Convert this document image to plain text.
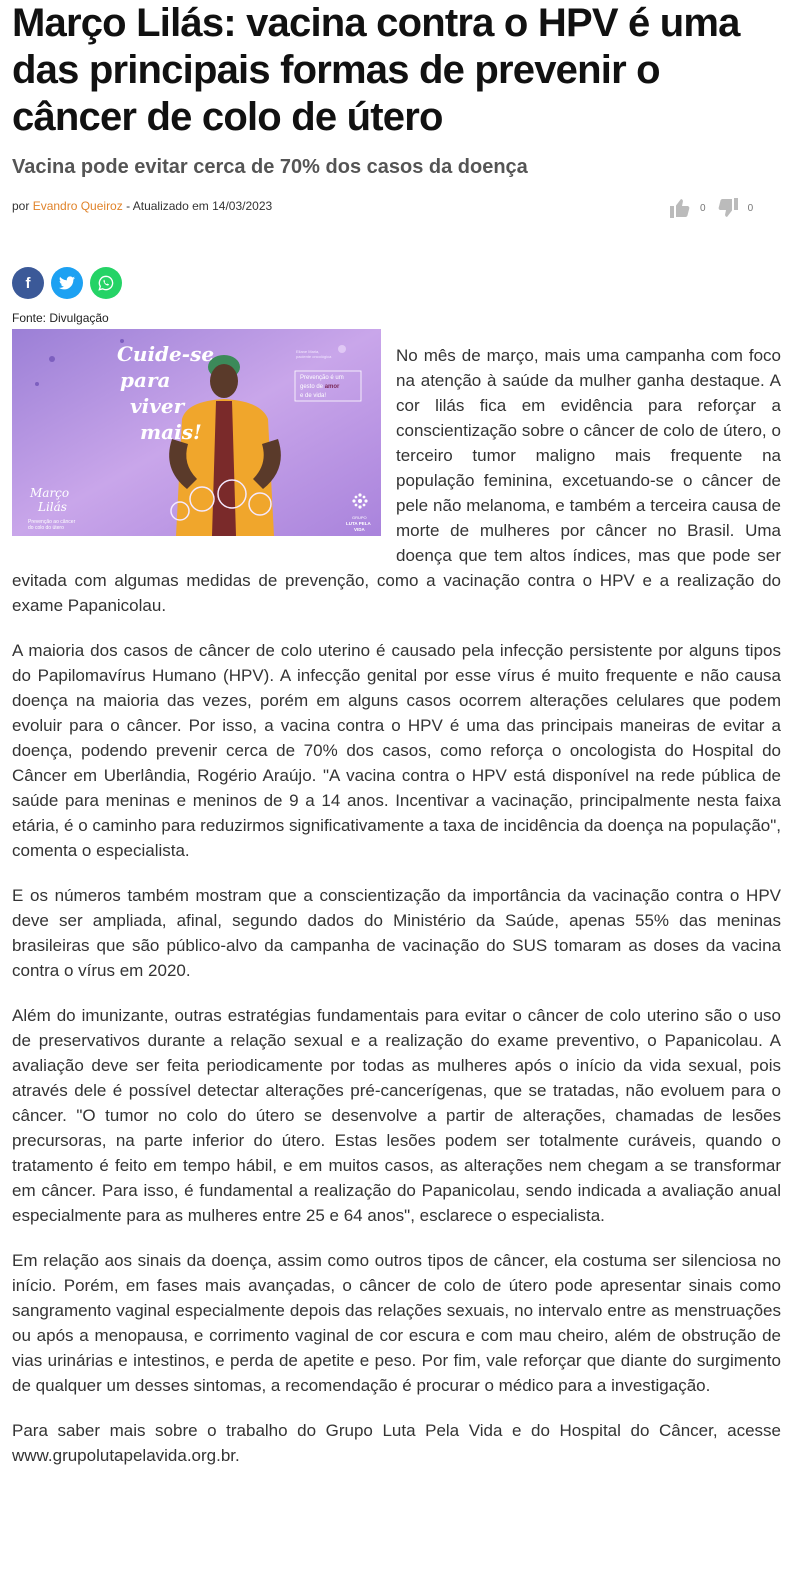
Março Lilás: vacina contra o HPV é uma das principais formas de prevenir o câncer de colo de útero

Vacina pode evitar cerca de 70% dos casos da doença

por Evandro Queiroz - Atualizado em 14/03/2023	0	0
f
Fonte: Divulgação
Cuide-se
para
viver
mais!
Prevenção é um
gesto de amor
e de vida!
Eliane Maria,
paciente oncológica
Março
Lilás
Prevenção ao câncer
do colo do útero
GRUPO
LUTA PELA
VIDA

No mês de março, mais uma campanha com foco na atenção à saúde da mulher ganha destaque. A cor lilás fica em evidência para reforçar a conscientização sobre o câncer de colo de útero, o terceiro tumor maligno mais frequente na população feminina, excetuando-se o câncer de pele não melanoma, e também a terceira causa de morte de mulheres por câncer no Brasil. Uma doença que tem altos índices, mas que pode ser evitada com algumas medidas de prevenção, como a vacinação contra o HPV e a realização do exame Papanicolau.

A maioria dos casos de câncer de colo uterino é causado pela infecção persistente por alguns tipos do Papilomavírus Humano (HPV). A infecção genital por esse vírus é muito frequente e não causa doença na maioria das vezes, porém em alguns casos ocorrem alterações celulares que podem evoluir para o câncer. Por isso, a vacina contra o HPV é uma das principais maneiras de evitar a doença, podendo prevenir cerca de 70% dos casos, como reforça o oncologista do Hospital do Câncer em Uberlândia, Rogério Araújo. "A vacina contra o HPV está disponível na rede pública de saúde para meninas e meninos de 9 a 14 anos. Incentivar a vacinação, principalmente nesta faixa etária, é o caminho para reduzirmos significativamente a taxa de incidência da doença na população", comenta o especialista.

E os números também mostram que a conscientização da importância da vacinação contra o HPV deve ser ampliada, afinal, segundo dados do Ministério da Saúde, apenas 55% das meninas brasileiras que são público-alvo da campanha de vacinação do SUS tomaram as doses da vacina contra o vírus em 2020.

Além do imunizante, outras estratégias fundamentais para evitar o câncer de colo uterino são o uso de preservativos durante a relação sexual e a realização do exame preventivo, o Papanicolau. A avaliação deve ser feita periodicamente por todas as mulheres após o início da vida sexual, pois através dele é possível detectar alterações pré-cancerígenas, que se tratadas, não evoluem para o câncer. "O tumor no colo do útero se desenvolve a partir de alterações, chamadas de lesões precursoras, na parte inferior do útero. Estas lesões podem ser totalmente curáveis, quando o tratamento é feito em tempo hábil, e em muitos casos, as alterações nem chegam a se transformar em câncer. Para isso, é fundamental a realização do Papanicolau, sendo indicada a avaliação anual especialmente para as mulheres entre 25 e 64 anos", esclarece o especialista.

Em relação aos sinais da doença, assim como outros tipos de câncer, ela costuma ser silenciosa no início. Porém, em fases mais avançadas, o câncer de colo de útero pode apresentar sinais como sangramento vaginal especialmente depois das relações sexuais, no intervalo entre as menstruações ou após a menopausa, e corrimento vaginal de cor escura e com mau cheiro, além de obstrução de vias urinárias e intestinos, e perda de apetite e peso. Por fim, vale reforçar que diante do surgimento de qualquer um desses sintomas, a recomendação é procurar o médico para a investigação.

Para saber mais sobre o trabalho do Grupo Luta Pela Vida e do Hospital do Câncer, acesse www.grupolutapelavida.org.br.
